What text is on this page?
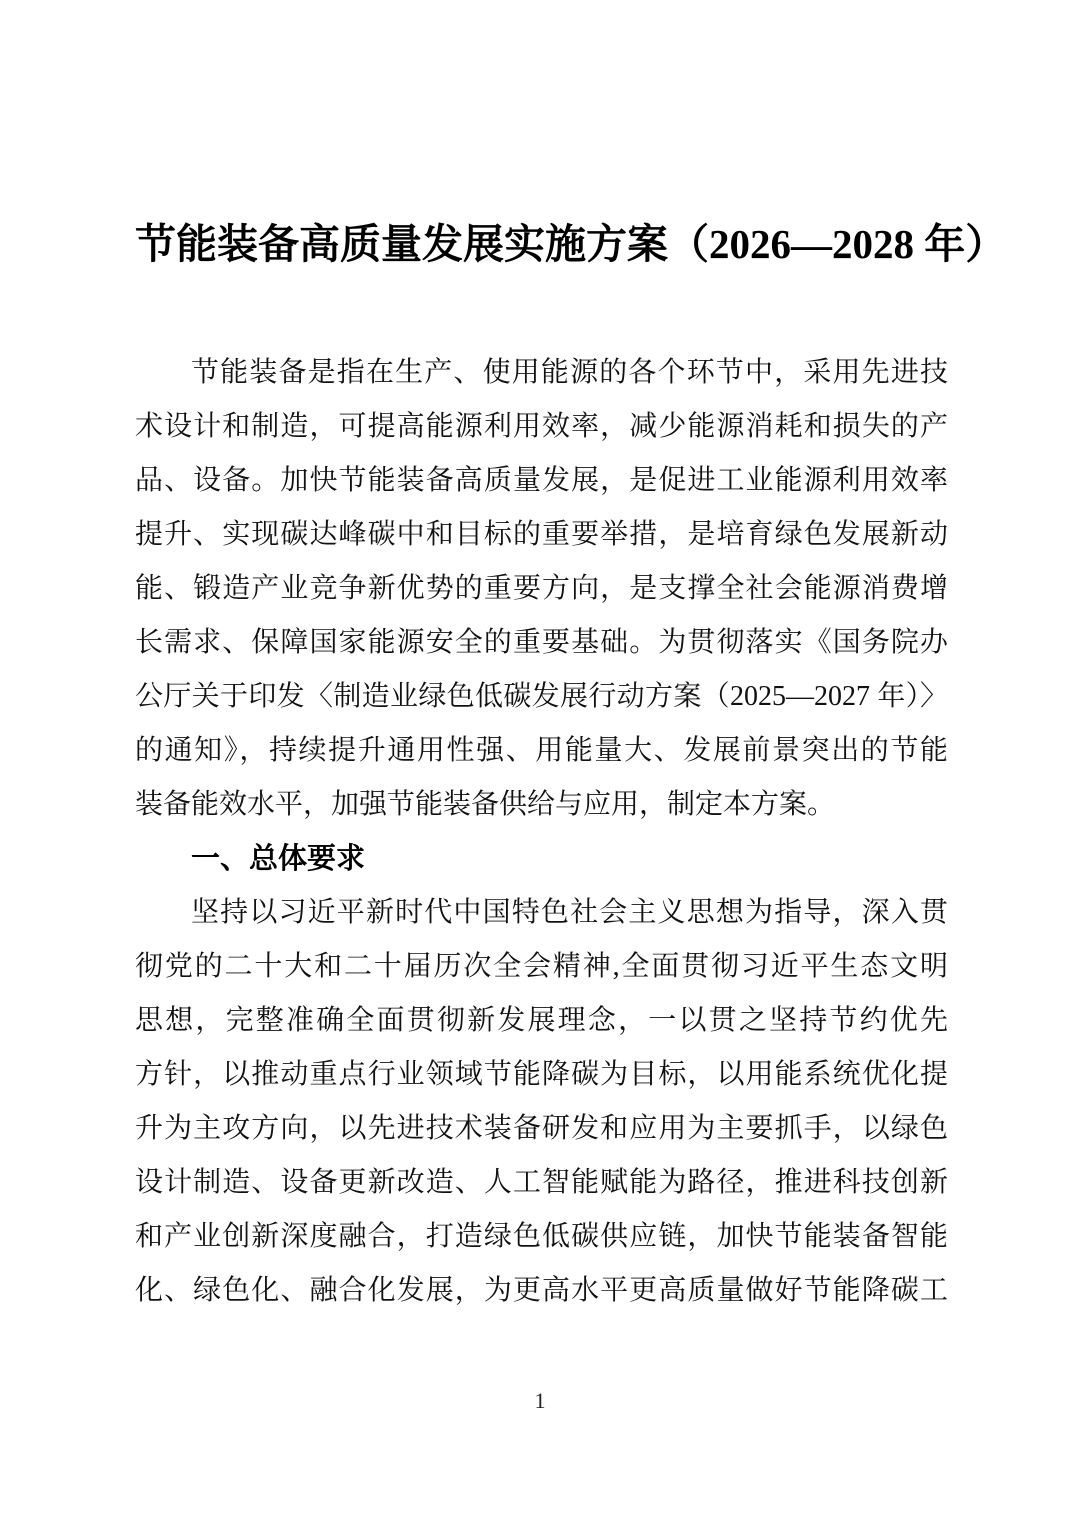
节能装备高质量发展实施方案（2026—2028 年）
节能装备是指在生产、使用能源的各个环节中，采用先进技
术设计和制造，可提高能源利用效率，减少能源消耗和损失的产
品、设备。加快节能装备高质量发展，是促进工业能源利用效率
提升、实现碳达峰碳中和目标的重要举措，是培育绿色发展新动
能、锻造产业竞争新优势的重要方向，是支撑全社会能源消费增
长需求、保障国家能源安全的重要基础。为贯彻落实《国务院办
公厅关于印发〈制造业绿色低碳发展行动方案（2025—2027 年）〉
的通知》，持续提升通用性强、用能量大、发展前景突出的节能
装备能效水平，加强节能装备供给与应用，制定本方案。
一、总体要求
坚持以习近平新时代中国特色社会主义思想为指导，深入贯
彻党的二十大和二十届历次全会精神,全面贯彻习近平生态文明
思想，完整准确全面贯彻新发展理念，一以贯之坚持节约优先
方针，以推动重点行业领域节能降碳为目标，以用能系统优化提
升为主攻方向，以先进技术装备研发和应用为主要抓手，以绿色
设计制造、设备更新改造、人工智能赋能为路径，推进科技创新
和产业创新深度融合，打造绿色低碳供应链，加快节能装备智能
化、绿色化、融合化发展，为更高水平更高质量做好节能降碳工
1
